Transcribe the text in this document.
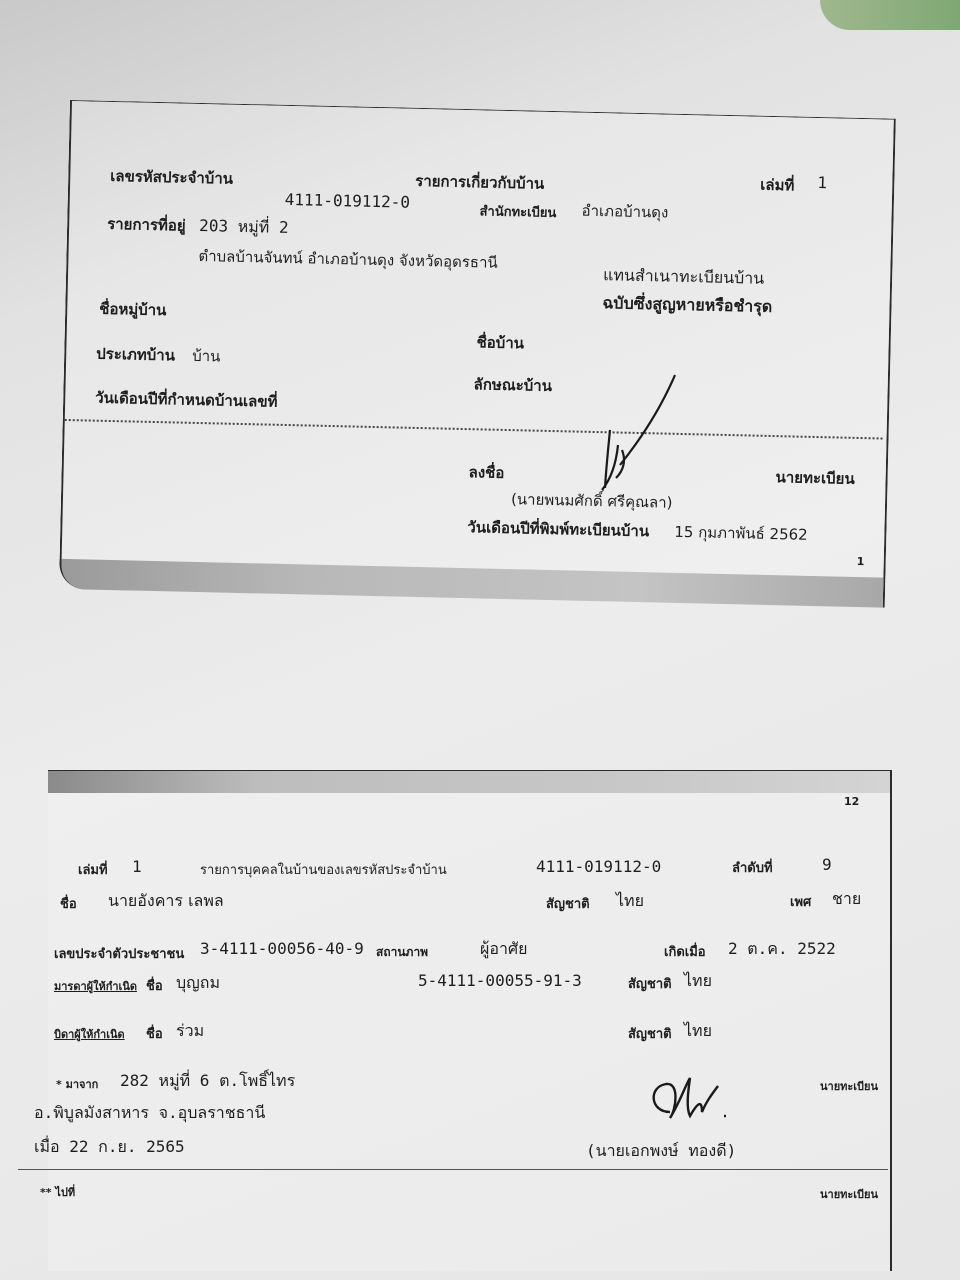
เลขรหัสประจำบ้าน
4111-019112-0
รายการเกี่ยวกับบ้าน	เล่มที่ 1
สำนักทะเบียน อำเภอบ้านดุง
รายการที่อยู่ 203 หมู่ที่ 2
ตำบลบ้านจันทน์ อำเภอบ้านดุง จังหวัดอุดรธานี
แทนสำเนาทะเบียนบ้าน
ฉบับซึ่งสูญหายหรือชำรุด
ชื่อหมู่บ้าน
ชื่อบ้าน
ประเภทบ้าน บ้าน
ลักษณะบ้าน
วันเดือนปีที่กำหนดบ้านเลขที่
ลงชื่อ	นายทะเบียน
(นายพนมศักดิ์ ศรีคุณลา)
วันเดือนปีที่พิมพ์ทะเบียนบ้าน 15 กุมภาพันธ์ 2562
1
12
เล่มที่ 1	รายการบุคคลในบ้านของเลขรหัสประจำบ้าน	4111-019112-0	ลำดับที่	9
ชื่อ นายอังคาร เลพล	สัญชาติ ไทย	เพศ ชาย
เลขประจำตัวประชาชน 3-4111-00056-40-9 สถานภาพ	ผู้อาศัย	เกิดเมื่อ 2 ต.ค. 2522
มารดาผู้ให้กำเนิด ชื่อ บุญถม	5-4111-00055-91-3	สัญชาติ ไทย
บิดาผู้ให้กำเนิด ชื่อ ร่วม	สัญชาติ ไทย
* มาจาก 282 หมู่ที่ 6 ต.โพธิ์ไทร
อ.พิบูลมังสาหาร จ.อุบลราชธานี
เมื่อ 22 ก.ย. 2565
นายทะเบียน
(นายเอกพงษ์ ทองดี)
** ไปที่	นายทะเบียน
